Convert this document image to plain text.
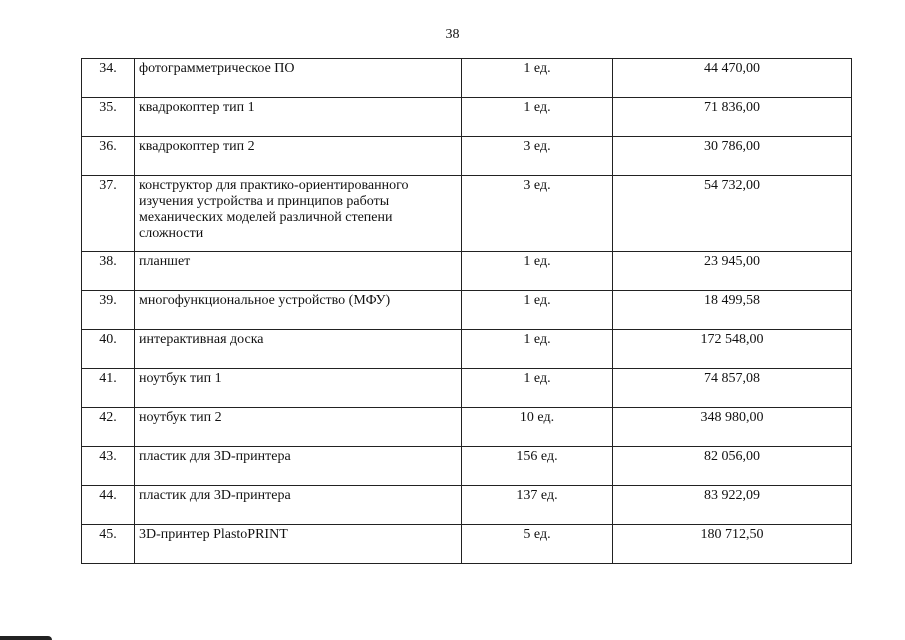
38
34.	фотограмметрическое ПО	1 ед.	44 470,00
35.	квадрокоптер тип 1	1 ед.	71 836,00
36.	квадрокоптер тип 2	3 ед.	30 786,00
37.	конструктор для практико-ориентированного изучения устройства и принципов работы механических моделей различной степени сложности	3 ед.	54 732,00
38.	планшет	1 ед.	23 945,00
39.	многофункциональное устройство (МФУ)	1 ед.	18 499,58
40.	интерактивная доска	1 ед.	172 548,00
41.	ноутбук тип 1	1 ед.	74 857,08
42.	ноутбук тип 2	10 ед.	348 980,00
43.	пластик для 3D-принтера	156 ед.	82 056,00
44.	пластик для 3D-принтера	137 ед.	83 922,09
45.	3D-принтер PlastoPRINT	5 ед.	180 712,50
